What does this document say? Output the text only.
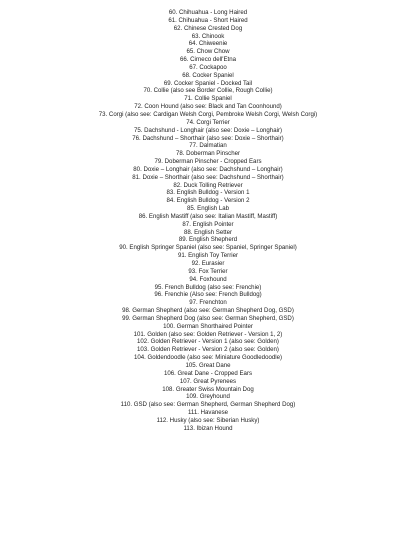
60. Chihuahua - Long Haired
61. Chihuahua - Short Haired
62. Chinese Crested Dog
63. Chinook
64. Chiweenie
65. Chow Chow
66. Cirneco dell'Etna
67. Cockapoo
68. Cocker Spaniel
69. Cocker Spaniel - Docked Tail
70. Collie (also see Border Collie, Rough Collie)
71. Collie Spaniel
72. Coon Hound (also see: Black and Tan Coonhound)
73. Corgi (also see: Cardigan Welsh Corgi, Pembroke Welsh Corgi, Welsh Corgi)
74. Corgi Terrier
75. Dachshund - Longhair (also see: Doxie – Longhair)
76. Dachshund – Shorthair (also see: Doxie – Shorthair)
77. Dalmatian
78. Doberman Pinscher
79. Doberman Pinscher - Cropped Ears
80. Doxie – Longhair (also see: Dachshund – Longhair)
81. Doxie – Shorthair (also see: Dachshund – Shorthair)
82. Duck Tolling Retriever
83. English Bulldog - Version 1
84. English Bulldog - Version 2
85. English Lab
86. English Mastiff (also see: Italian Mastiff, Mastiff)
87. English Pointer
88. English Setter
89. English Shepherd
90. English Springer Spaniel (also see: Spaniel, Springer Spaniel)
91. English Toy Terrier
92. Eurasier
93. Fox Terrier
94. Foxhound
95. French Bulldog (also see: Frenchie)
96. Frenchie (Also see: French Bulldog)
97. Frenchton
98. German Shepherd (also see: German Shepherd Dog, GSD)
99. German Shepherd Dog (also see: German Shepherd, GSD)
100. German Shorthaired Pointer
101. Golden (also see: Golden Retriever - Version 1, 2)
102. Golden Retriever - Version 1 (also see: Golden)
103. Golden Retriever - Version 2 (also see: Golden)
104. Goldendoodle (also see: Miniature Goodledoodle)
105. Great Dane
106. Great Dane - Cropped Ears
107. Great Pyrenees
108. Greater Swiss Mountain Dog
109. Greyhound
110. GSD (also see: German Shepherd, German Shepherd Dog)
111. Havanese
112. Husky (also see: Siberian Husky)
113. Ibizan Hound
